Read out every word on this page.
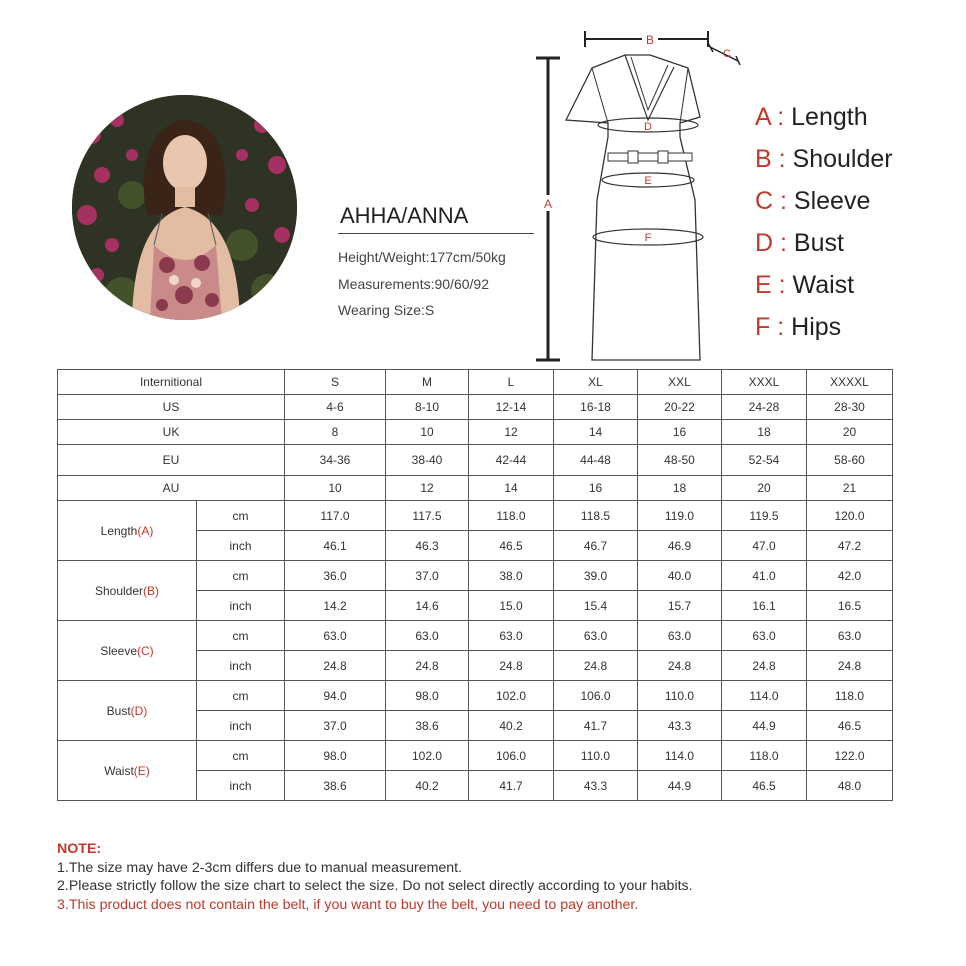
AHHA/ANNA
Height/Weight:177cm/50kg
Measurements:90/60/92
Wearing Size:S
A
B
C
D
E
F
A : Length
B : Shoulder
C : Sleeve
D : Bust
E : Waist
F : Hips
Internitional		S	M	L	XL	XXL	XXXL	XXXXL
US		4-6	8-10	12-14	16-18	20-22	24-28	28-30
UK		8	10	12	14	16	18	20
EU		34-36	38-40	42-44	44-48	48-50	52-54	58-60
AU		10	12	14	16	18	20	21
Length(A)	cm	117.0	117.5	118.0	118.5	119.0	119.5	120.0
	inch	46.1	46.3	46.5	46.7	46.9	47.0	47.2
Shoulder(B)	cm	36.0	37.0	38.0	39.0	40.0	41.0	42.0
	inch	14.2	14.6	15.0	15.4	15.7	16.1	16.5
Sleeve(C)	cm	63.0	63.0	63.0	63.0	63.0	63.0	63.0
	inch	24.8	24.8	24.8	24.8	24.8	24.8	24.8
Bust(D)	cm	94.0	98.0	102.0	106.0	110.0	114.0	118.0
	inch	37.0	38.6	40.2	41.7	43.3	44.9	46.5
Waist(E)	cm	98.0	102.0	106.0	110.0	114.0	118.0	122.0
	inch	38.6	40.2	41.7	43.3	44.9	46.5	48.0
NOTE:
1.The size may have 2-3cm differs due to manual measurement.
2.Please strictly follow the size chart to select the size. Do not select directly according to your habits.
3.This product does not contain the belt, if you want to buy the belt, you need to pay another.
